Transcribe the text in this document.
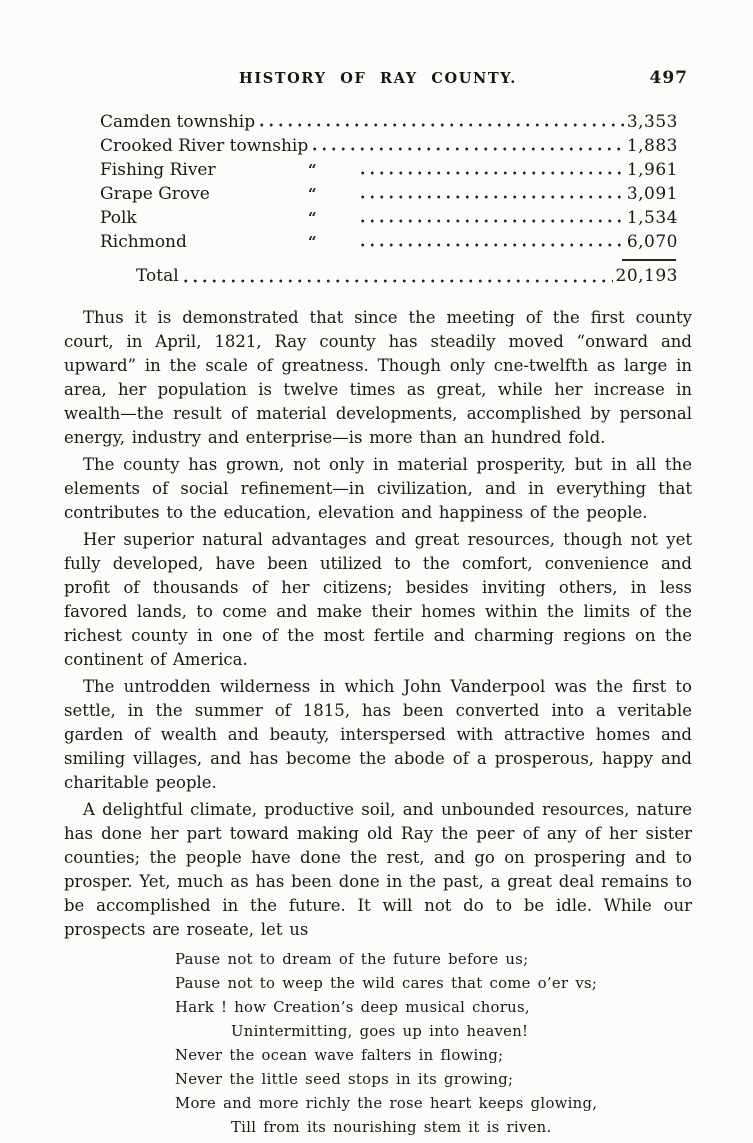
HISTORY OF RAY COUNTY.	497
Camden township	3,353
Crooked River township	1,883
Fishing River	“	1,961
Grape Grove	“	3,091
Polk	“	1,534
Richmond	“	6,070
Total	20,193

Thus it is demonstrated that since the meeting of the first county court, in April, 1821, Ray county has steadily moved “onward and upward” in the scale of greatness. Though only cne-twelfth as large in area, her population is twelve times as great, while her increase in wealth—the result of material developments, accomplished by personal energy, industry and enterprise—is more than an hundred fold.

The county has grown, not only in material prosperity, but in all the elements of social refinement—in civilization, and in everything that contributes to the education, elevation and happiness of the people.

Her superior natural advantages and great resources, though not yet fully developed, have been utilized to the comfort, convenience and profit of thousands of her citizens; besides inviting others, in less favored lands, to come and make their homes within the limits of the richest county in one of the most fertile and charming regions on the continent of America.

The untrodden wilderness in which John Vanderpool was the first to settle, in the summer of 1815, has been converted into a veritable garden of wealth and beauty, interspersed with attractive homes and smiling villages, and has become the abode of a prosperous, happy and charitable people.

A delightful climate, productive soil, and unbounded resources, nature has done her part toward making old Ray the peer of any of her sister counties; the people have done the rest, and go on prospering and to prosper. Yet, much as has been done in the past, a great deal remains to be accomplished in the future. It will not do to be idle. While our prospects are roseate, let us

Pause not to dream of the future before us;
Pause not to weep the wild cares that come o’er vs;
Hark ! how Creation’s deep musical chorus,
Unintermitting, goes up into heaven!
Never the ocean wave falters in flowing;
Never the little seed stops in its growing;
More and more richly the rose heart keeps glowing,
Till from its nourishing stem it is riven.
